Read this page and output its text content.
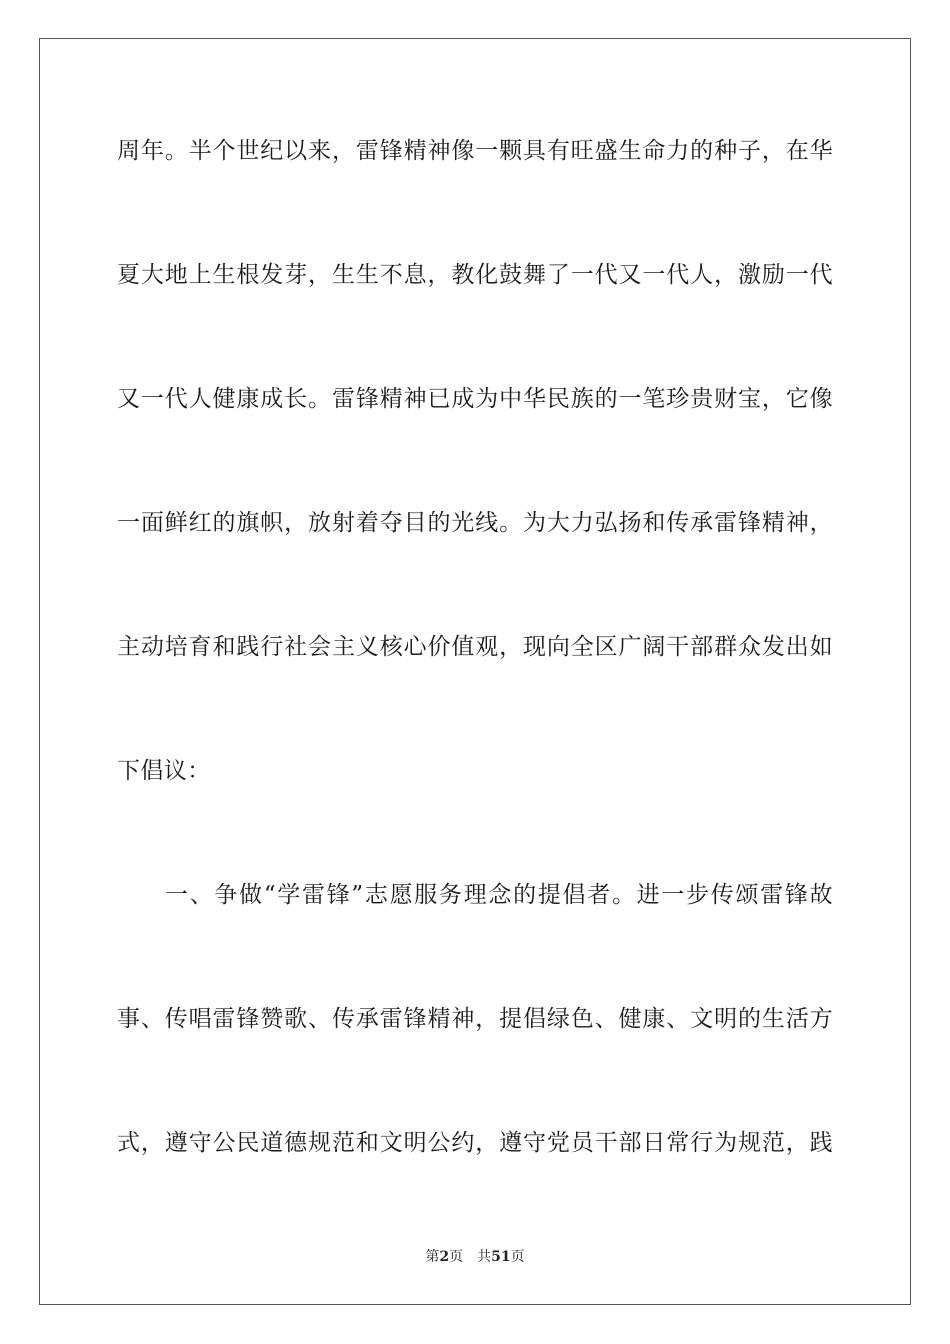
周年。半个世纪以来，雷锋精神像一颗具有旺盛生命力的种子，在华
夏大地上生根发芽，生生不息，教化鼓舞了一代又一代人，激励一代
又一代人健康成长。雷锋精神已成为中华民族的一笔珍贵财宝，它像
一面鲜红的旗帜，放射着夺目的光线。为大力弘扬和传承雷锋精神，
主动培育和践行社会主义核心价值观，现向全区广阔干部群众发出如
下倡议：
一、争做“学雷锋”志愿服务理念的提倡者。进一步传颂雷锋故
事、传唱雷锋赞歌、传承雷锋精神，提倡绿色、健康、文明的生活方
式，遵守公民道德规范和文明公约，遵守党员干部日常行为规范，践
第2页 共51页
